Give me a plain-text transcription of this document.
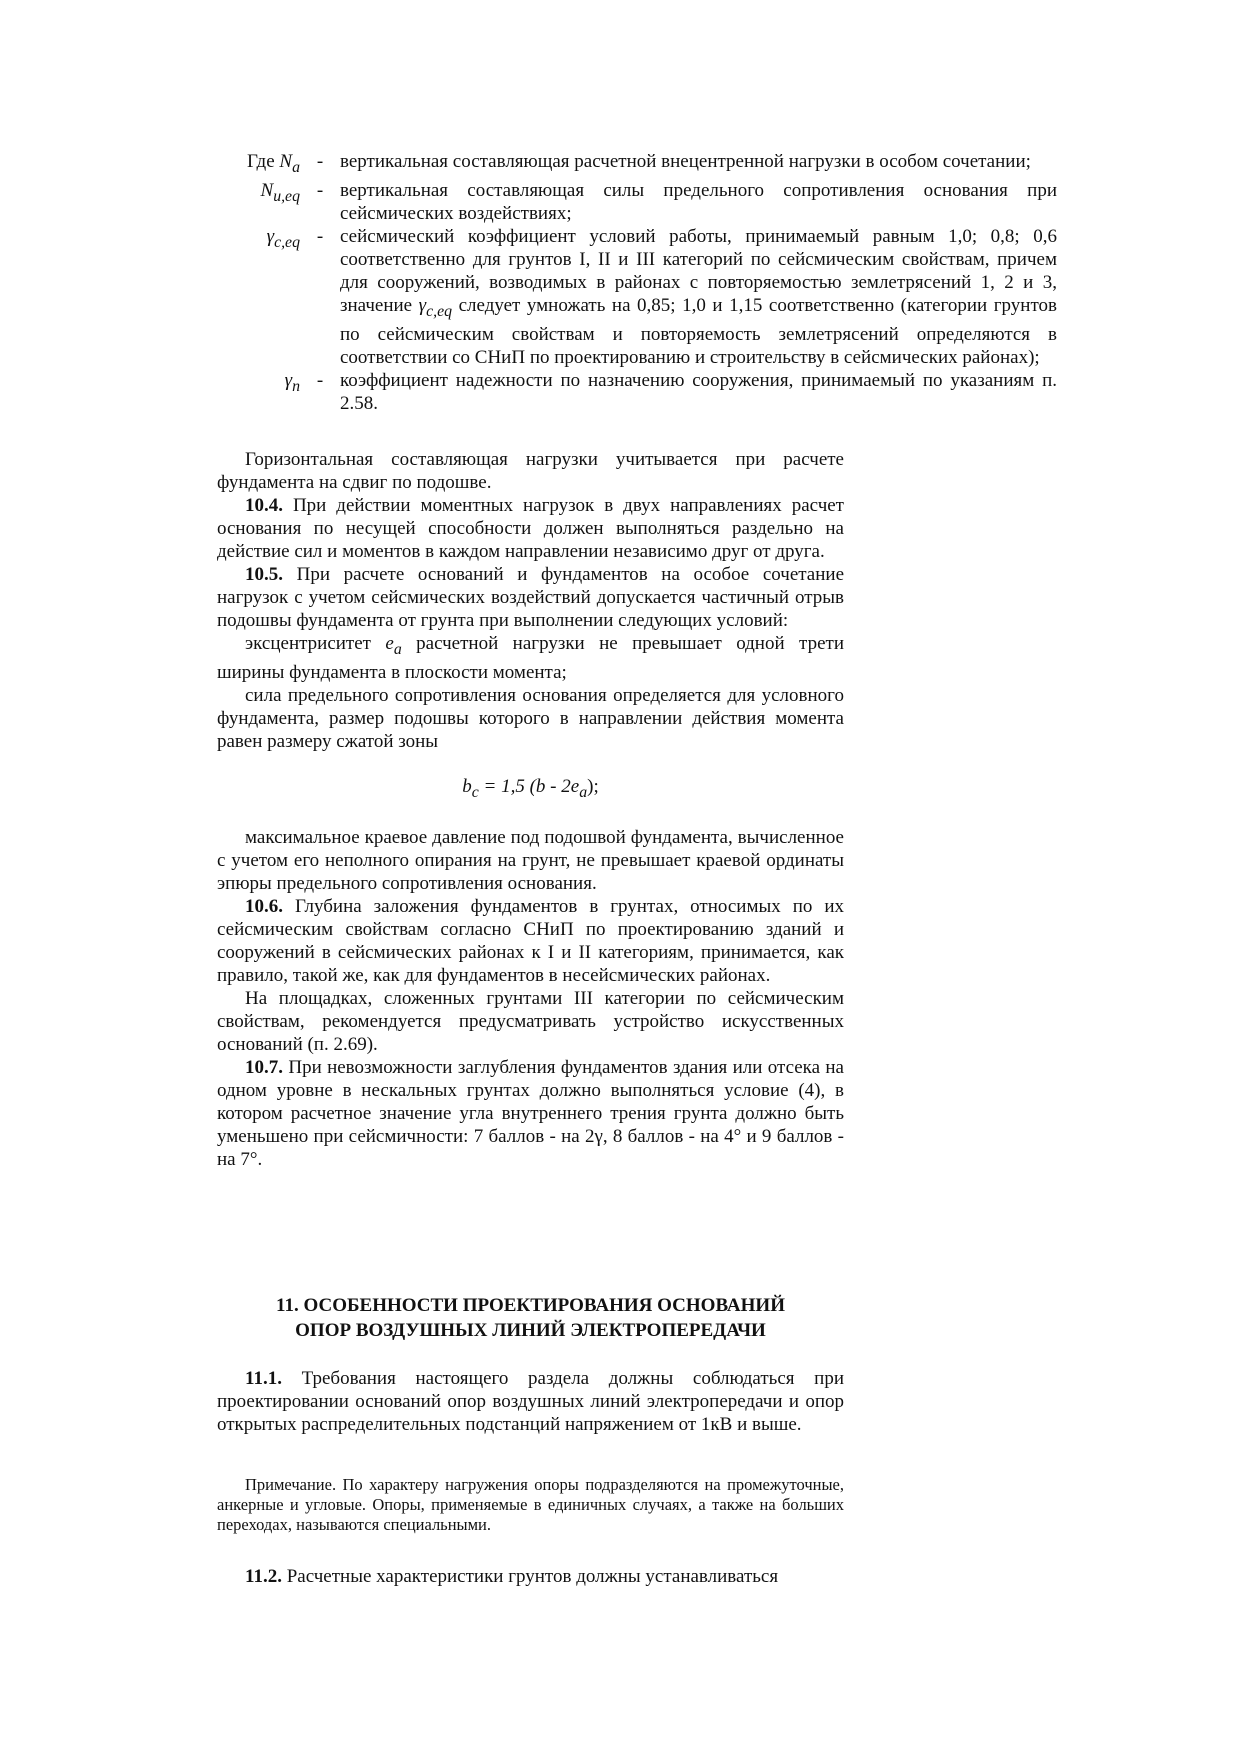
Где $N_a$ - вертикальная составляющая расчетной внецентренной нагрузки в особом сочетании;
$N_{u,eq}$ - вертикальная составляющая силы предельного сопротивления основания при сейсмических воздействиях;
$\gamma_{c,eq}$ - сейсмический коэффициент условий работы, принимаемый равным 1,0; 0,8; 0,6 соответственно для грунтов I, II и III категорий по сейсмическим свойствам, причем для сооружений, возводимых в районах с повторяемостью землетрясений 1, 2 и 3, значение $\gamma_{c,eq}$ следует умножать на 0,85; 1,0 и 1,15 соответственно (категории грунтов по сейсмическим свойствам и повторяемость землетрясений определяются в соответствии со СНиП по проектированию и строительству в сейсмических районах);
$\gamma_n$ - коэффициент надежности по назначению сооружения, принимаемый по указаниям п. 2.58.

Горизонтальная составляющая нагрузки учитывается при расчете фундамента на сдвиг по подошве.

10.4. При действии моментных нагрузок в двух направлениях расчет основания по несущей способности должен выполняться раздельно на действие сил и моментов в каждом направлении независимо друг от друга.

10.5. При расчете оснований и фундаментов на особое сочетание нагрузок с учетом сейсмических воздействий допускается частичный отрыв подошвы фундамента от грунта при выполнении следующих условий:

эксцентриситет $e_a$ расчетной нагрузки не превышает одной трети ширины фундамента в плоскости момента;

сила предельного сопротивления основания определяется для условного фундамента, размер подошвы которого в направлении действия момента равен размеру сжатой зоны

$b_c = 1,5$ $(b - 2e_a)$;

максимальное краевое давление под подошвой фундамента, вычисленное с учетом его неполного опирания на грунт, не превышает краевой ординаты эпюры предельного сопротивления основания.

10.6. Глубина заложения фундаментов в грунтах, относимых по их сейсмическим свойствам согласно СНиП по проектированию зданий и сооружений в сейсмических районах к I и II категориям, принимается, как правило, такой же, как для фундаментов в несейсмических районах.

На площадках, сложенных грунтами III категории по сейсмическим свойствам, рекомендуется предусматривать устройство искусственных оснований (п. 2.69).

10.7. При невозможности заглубления фундаментов здания или отсека на одном уровне в нескальных грунтах должно выполняться условие (4), в котором расчетное значение угла внутреннего трения грунта должно быть уменьшено при сейсмичности: 7 баллов - на 2γ, 8 баллов - на 4° и 9 баллов - на 7°.

11. ОСОБЕННОСТИ ПРОЕКТИРОВАНИЯ ОСНОВАНИЙ
ОПОР ВОЗДУШНЫХ ЛИНИЙ ЭЛЕКТРОПЕРЕДАЧИ

11.1. Требования настоящего раздела должны соблюдаться при проектировании оснований опор воздушных линий электропередачи и опор открытых распределительных подстанций напряжением от 1кВ и выше.

Примечание. По характеру нагружения опоры подразделяются на промежуточные, анкерные и угловые. Опоры, применяемые в единичных случаях, а также на больших переходах, называются специальными.

11.2. Расчетные характеристики грунтов должны устанавливаться
